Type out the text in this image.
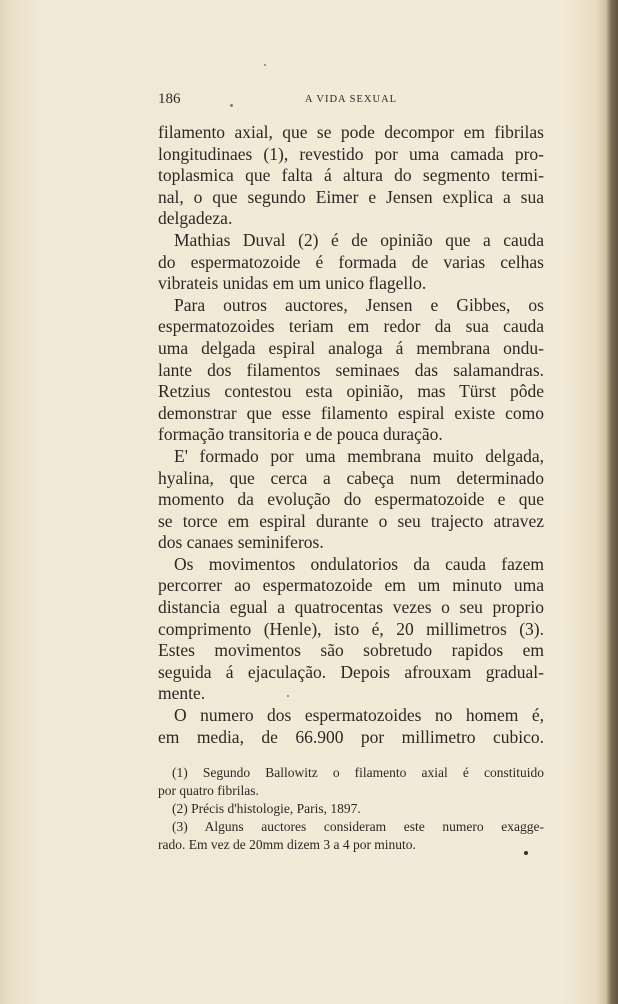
186	A VIDA SEXUAL
filamento axial, que se pode decompor em fibrilas
longitudinaes (1), revestido por uma camada pro-
toplasmica que falta á altura do segmento termi-
nal, o que segundo Eimer e Jensen explica a sua
delgadeza.
Mathias Duval (2) é de opinião que a cauda
do espermatozoide é formada de varias celhas
vibrateis unidas em um unico flagello.
Para outros auctores, Jensen e Gibbes, os
espermatozoides teriam em redor da sua cauda
uma delgada espiral analoga á membrana ondu-
lante dos filamentos seminaes das salamandras.
Retzius contestou esta opinião, mas Türst pôde
demonstrar que esse filamento espiral existe como
formação transitoria e de pouca duração.
E' formado por uma membrana muito delgada,
hyalina, que cerca a cabeça num determinado
momento da evolução do espermatozoide e que
se torce em espiral durante o seu trajecto atravez
dos canaes seminiferos.
Os movimentos ondulatorios da cauda fazem
percorrer ao espermatozoide em um minuto uma
distancia egual a quatrocentas vezes o seu proprio
comprimento (Henle), isto é, 20 millimetros (3).
Estes movimentos são sobretudo rapidos em
seguida á ejaculação. Depois afrouxam gradual-
mente.
O numero dos espermatozoides no homem é,
em media, de 66.900 por millimetro cubico.
(1) Segundo Ballowitz o filamento axial é constituido
por quatro fibrilas.
(2) Précis d'histologie, Paris, 1897.
(3) Alguns auctores consideram este numero exagge-
rado. Em vez de 20mm dizem 3 a 4 por minuto.
